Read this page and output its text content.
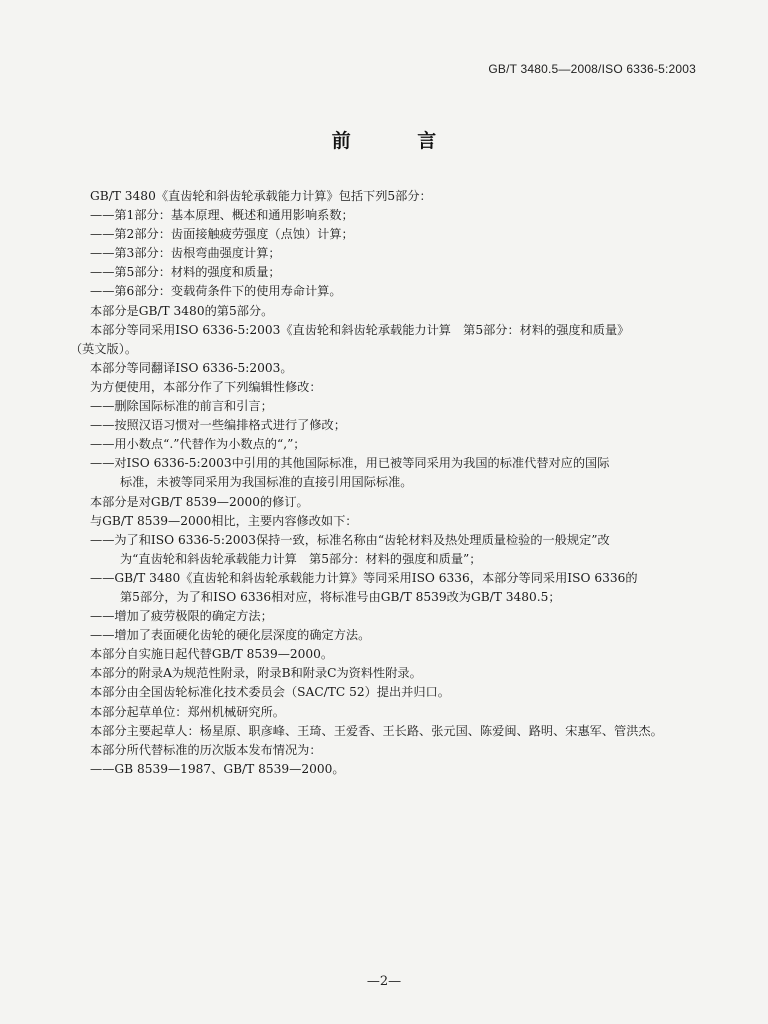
GB/T 3480.5—2008/ISO 6336-5:2003
前 言
GB/T 3480《直齿轮和斜齿轮承载能力计算》包括下列5部分：
——第1部分：基本原理、概述和通用影响系数；
——第2部分：齿面接触疲劳强度（点蚀）计算；
——第3部分：齿根弯曲强度计算；
——第5部分：材料的强度和质量；
——第6部分：变载荷条件下的使用寿命计算。
本部分是GB/T 3480的第5部分。
本部分等同采用ISO 6336-5:2003《直齿轮和斜齿轮承载能力计算　第5部分：材料的强度和质量》
（英文版）。
本部分等同翻译ISO 6336-5:2003。
为方便使用，本部分作了下列编辑性修改：
——删除国际标准的前言和引言；
——按照汉语习惯对一些编排格式进行了修改；
——用小数点“.”代替作为小数点的“,”；
——对ISO 6336-5:2003中引用的其他国际标准，用已被等同采用为我国的标准代替对应的国际
标准，未被等同采用为我国标准的直接引用国际标准。
本部分是对GB/T 8539—2000的修订。
与GB/T 8539—2000相比，主要内容修改如下：
——为了和ISO 6336-5:2003保持一致，标准名称由“齿轮材料及热处理质量检验的一般规定”改
为“直齿轮和斜齿轮承载能力计算　第5部分：材料的强度和质量”；
——GB/T 3480《直齿轮和斜齿轮承载能力计算》等同采用ISO 6336，本部分等同采用ISO 6336的
第5部分，为了和ISO 6336相对应，将标准号由GB/T 8539改为GB/T 3480.5；
——增加了疲劳极限的确定方法；
——增加了表面硬化齿轮的硬化层深度的确定方法。
本部分自实施日起代替GB/T 8539—2000。
本部分的附录A为规范性附录，附录B和附录C为资料性附录。
本部分由全国齿轮标准化技术委员会（SAC/TC 52）提出并归口。
本部分起草单位：郑州机械研究所。
本部分主要起草人：杨星原、职彦峰、王琦、王爱香、王长路、张元国、陈爱闽、路明、宋惠军、管洪杰。
本部分所代替标准的历次版本发布情况为：
——GB 8539—1987、GB/T 8539—2000。
—2—
